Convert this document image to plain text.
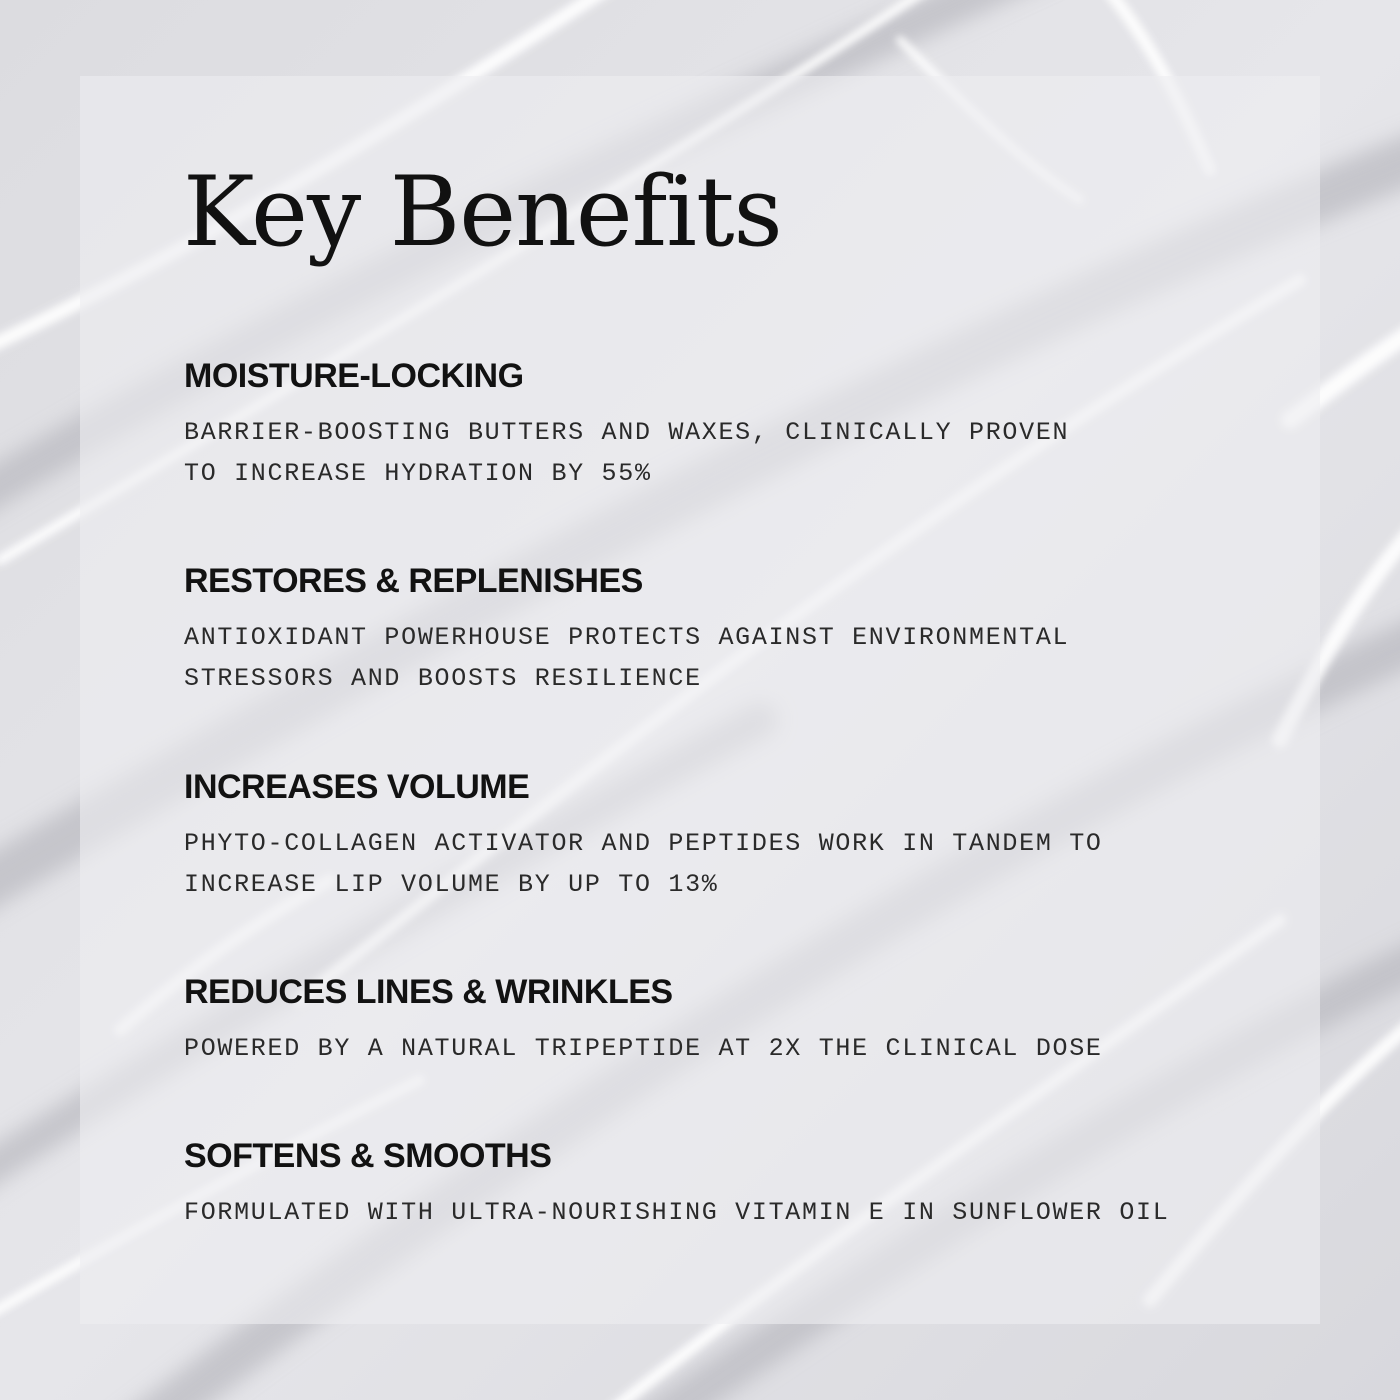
Key Benefits
MOISTURE-LOCKING

BARRIER-BOOSTING BUTTERS AND WAXES, CLINICALLY PROVEN
TO INCREASE HYDRATION BY 55%

RESTORES & REPLENISHES

ANTIOXIDANT POWERHOUSE PROTECTS AGAINST ENVIRONMENTAL
STRESSORS AND BOOSTS RESILIENCE

INCREASES VOLUME

PHYTO-COLLAGEN ACTIVATOR AND PEPTIDES WORK IN TANDEM TO
INCREASE LIP VOLUME BY UP TO 13%

REDUCES LINES & WRINKLES

POWERED BY A NATURAL TRIPEPTIDE AT 2X THE CLINICAL DOSE

SOFTENS & SMOOTHS

FORMULATED WITH ULTRA-NOURISHING VITAMIN E IN SUNFLOWER OIL
